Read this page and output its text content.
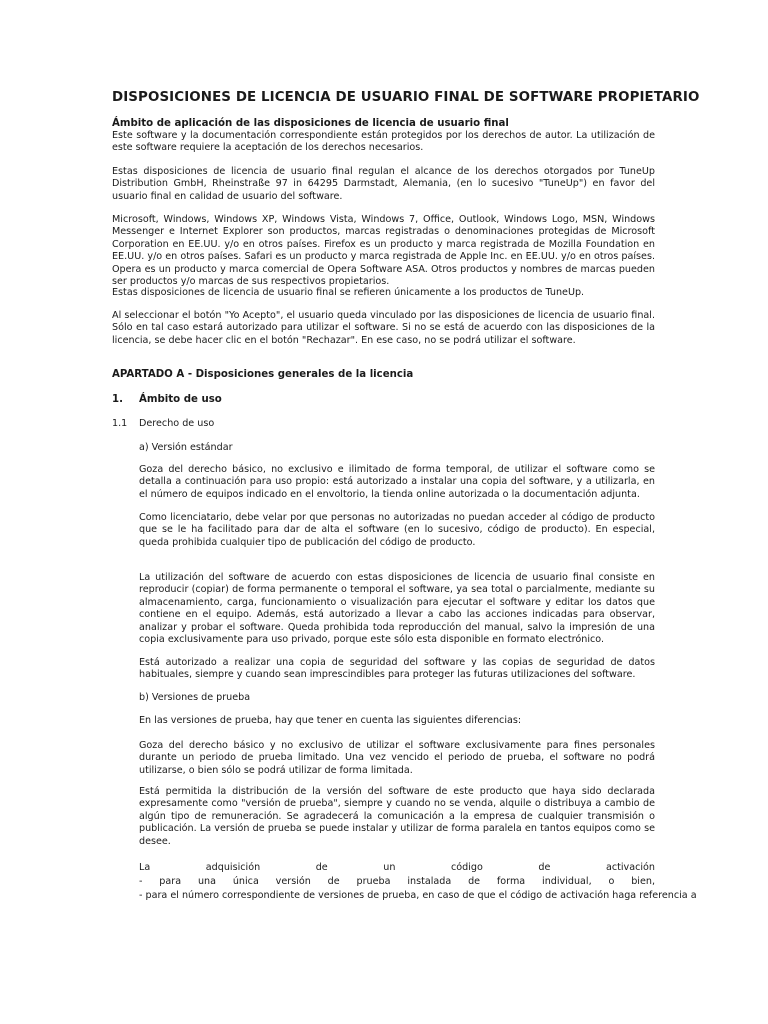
DISPOSICIONES DE LICENCIA DE USUARIO FINAL DE SOFTWARE PROPIETARIO

Ámbito de aplicación de las disposiciones de licencia de usuario final

Este software y la documentación correspondiente están protegidos por los derechos de autor. La utilización de este software requiere la aceptación de los derechos necesarios.

Estas disposiciones de licencia de usuario final regulan el alcance de los derechos otorgados por TuneUp Distribution GmbH, Rheinstraße 97 in 64295 Darmstadt, Alemania, (en lo sucesivo "TuneUp") en favor del usuario final en calidad de usuario del software.

Microsoft, Windows, Windows XP, Windows Vista, Windows 7, Office, Outlook, Windows Logo, MSN, Windows Messenger e Internet Explorer son productos, marcas registradas o denominaciones protegidas de Microsoft Corporation en EE.UU. y/o en otros países. Firefox es un producto y marca registrada de Mozilla Foundation en EE.UU. y/o en otros países. Safari es un producto y marca registrada de Apple Inc. en EE.UU. y/o en otros países. Opera es un producto y marca comercial de Opera Software ASA. Otros productos y nombres de marcas pueden ser productos y/o marcas de sus respectivos propietarios.

Estas disposiciones de licencia de usuario final se refieren únicamente a los productos de TuneUp.

Al seleccionar el botón "Yo Acepto", el usuario queda vinculado por las disposiciones de licencia de usuario final. Sólo en tal caso estará autorizado para utilizar el software. Si no se está de acuerdo con las disposiciones de la licencia, se debe hacer clic en el botón "Rechazar". En ese caso, no se podrá utilizar el software.

APARTADO A - Disposiciones generales de la licencia

1. Ámbito de uso

1.1 Derecho de uso

a) Versión estándar

Goza del derecho básico, no exclusivo e ilimitado de forma temporal, de utilizar el software como se detalla a continuación para uso propio: está autorizado a instalar una copia del software, y a utilizarla, en el número de equipos indicado en el envoltorio, la tienda online autorizada o la documentación adjunta.

Como licenciatario, debe velar por que personas no autorizadas no puedan acceder al código de producto que se le ha facilitado para dar de alta el software (en lo sucesivo, código de producto). En especial, queda prohibida cualquier tipo de publicación del código de producto.

La utilización del software de acuerdo con estas disposiciones de licencia de usuario final consiste en reproducir (copiar) de forma permanente o temporal el software, ya sea total o parcialmente, mediante su almacenamiento, carga, funcionamiento o visualización para ejecutar el software y editar los datos que contiene en el equipo. Además, está autorizado a llevar a cabo las acciones indicadas para observar, analizar y probar el software. Queda prohibida toda reproducción del manual, salvo la impresión de una copia exclusivamente para uso privado, porque este sólo esta disponible en formato electrónico.

Está autorizado a realizar una copia de seguridad del software y las copias de seguridad de datos habituales, siempre y cuando sean imprescindibles para proteger las futuras utilizaciones del software.

b) Versiones de prueba

En las versiones de prueba, hay que tener en cuenta las siguientes diferencias:

Goza del derecho básico y no exclusivo de utilizar el software exclusivamente para fines personales durante un periodo de prueba limitado. Una vez vencido el periodo de prueba, el software no podrá utilizarse, o bien sólo se podrá utilizar de forma limitada.

Está permitida la distribución de la versión del software de este producto que haya sido declarada expresamente como "versión de prueba", siempre y cuando no se venda, alquile o distribuya a cambio de algún tipo de remuneración. Se agradecerá la comunicación a la empresa de cualquier transmisión o publicación. La versión de prueba se puede instalar y utilizar de forma paralela en tantos equipos como se desee.

La adquisición de un código de activación

- para una única versión de prueba instalada de forma individual, o bien,

- para el número correspondiente de versiones de prueba, en caso de que el código de activación haga referencia a
